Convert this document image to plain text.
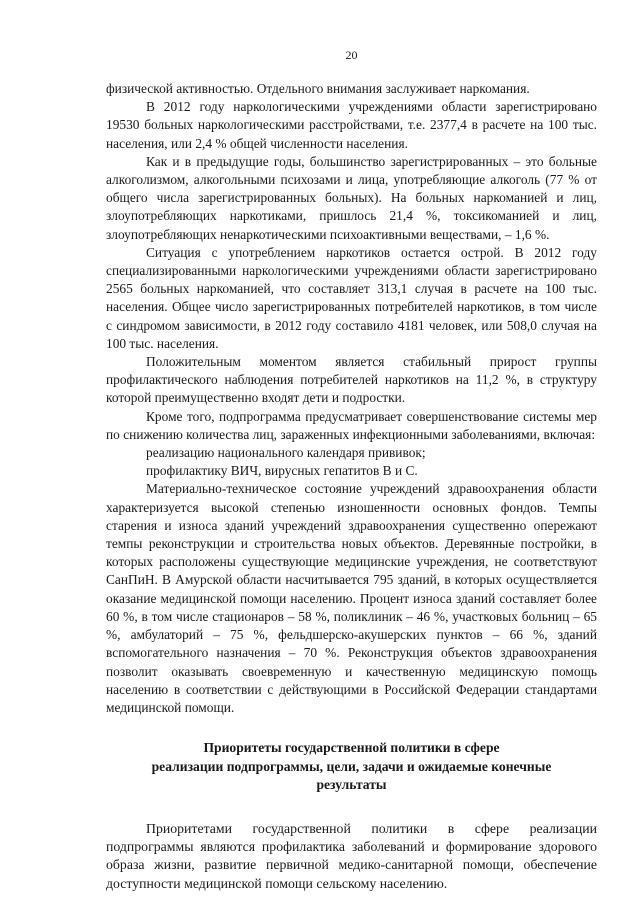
20

физической активностью. Отдельного внимания заслуживает наркомания.

В 2012 году наркологическими учреждениями области зарегистрировано 19530 больных наркологическими расстройствами, т.е. 2377,4 в расчете на 100 тыс. населения, или 2,4 % общей численности населения.

Как и в предыдущие годы, большинство зарегистрированных – это больные алкоголизмом, алкогольными психозами и лица, употребляющие алкоголь (77 % от общего числа зарегистрированных больных). На больных наркоманией и лиц, злоупотребляющих наркотиками, пришлось 21,4 %, токсикоманией и лиц, злоупотребляющих ненаркотическими психоактивными веществами, – 1,6 %.

Ситуация с употреблением наркотиков остается острой. В 2012 году специализированными наркологическими учреждениями области зарегистрировано 2565 больных наркоманией, что составляет 313,1 случая в расчете на 100 тыс. населения. Общее число зарегистрированных потребителей наркотиков, в том числе с синдромом зависимости, в 2012 году составило 4181 человек, или 508,0 случая на 100 тыс. населения.

Положительным моментом является стабильный прирост группы профилактического наблюдения потребителей наркотиков на 11,2 %, в структуру которой преимущественно входят дети и подростки.

Кроме того, подпрограмма предусматривает совершенствование системы мер по снижению количества лиц, зараженных инфекционными заболеваниями, включая:

реализацию национального календаря прививок;

профилактику ВИЧ, вирусных гепатитов В и С.

Материально-техническое состояние учреждений здравоохранения области характеризуется высокой степенью изношенности основных фондов. Темпы старения и износа зданий учреждений здравоохранения существенно опережают темпы реконструкции и строительства новых объектов. Деревянные постройки, в которых расположены существующие медицинские учреждения, не соответствуют СанПиН. В Амурской области насчитывается 795 зданий, в которых осуществляется оказание медицинской помощи населению. Процент износа зданий составляет более 60 %, в том числе стационаров – 58 %, поликлиник – 46 %, участковых больниц – 65 %, амбулаторий – 75 %, фельдшерско-акушерских пунктов – 66 %, зданий вспомогательного назначения – 70 %. Реконструкция объектов здравоохранения позволит оказывать своевременную и качественную медицинскую помощь населению в соответствии с действующими в Российской Федерации стандартами медицинской помощи.

Приоритеты государственной политики в сфере
реализации подпрограммы, цели, задачи и ожидаемые конечные
результаты

Приоритетами государственной политики в сфере реализации подпрограммы являются профилактика заболеваний и формирование здорового образа жизни, развитие первичной медико-санитарной помощи, обеспечение доступности медицинской помощи сельскому населению.
